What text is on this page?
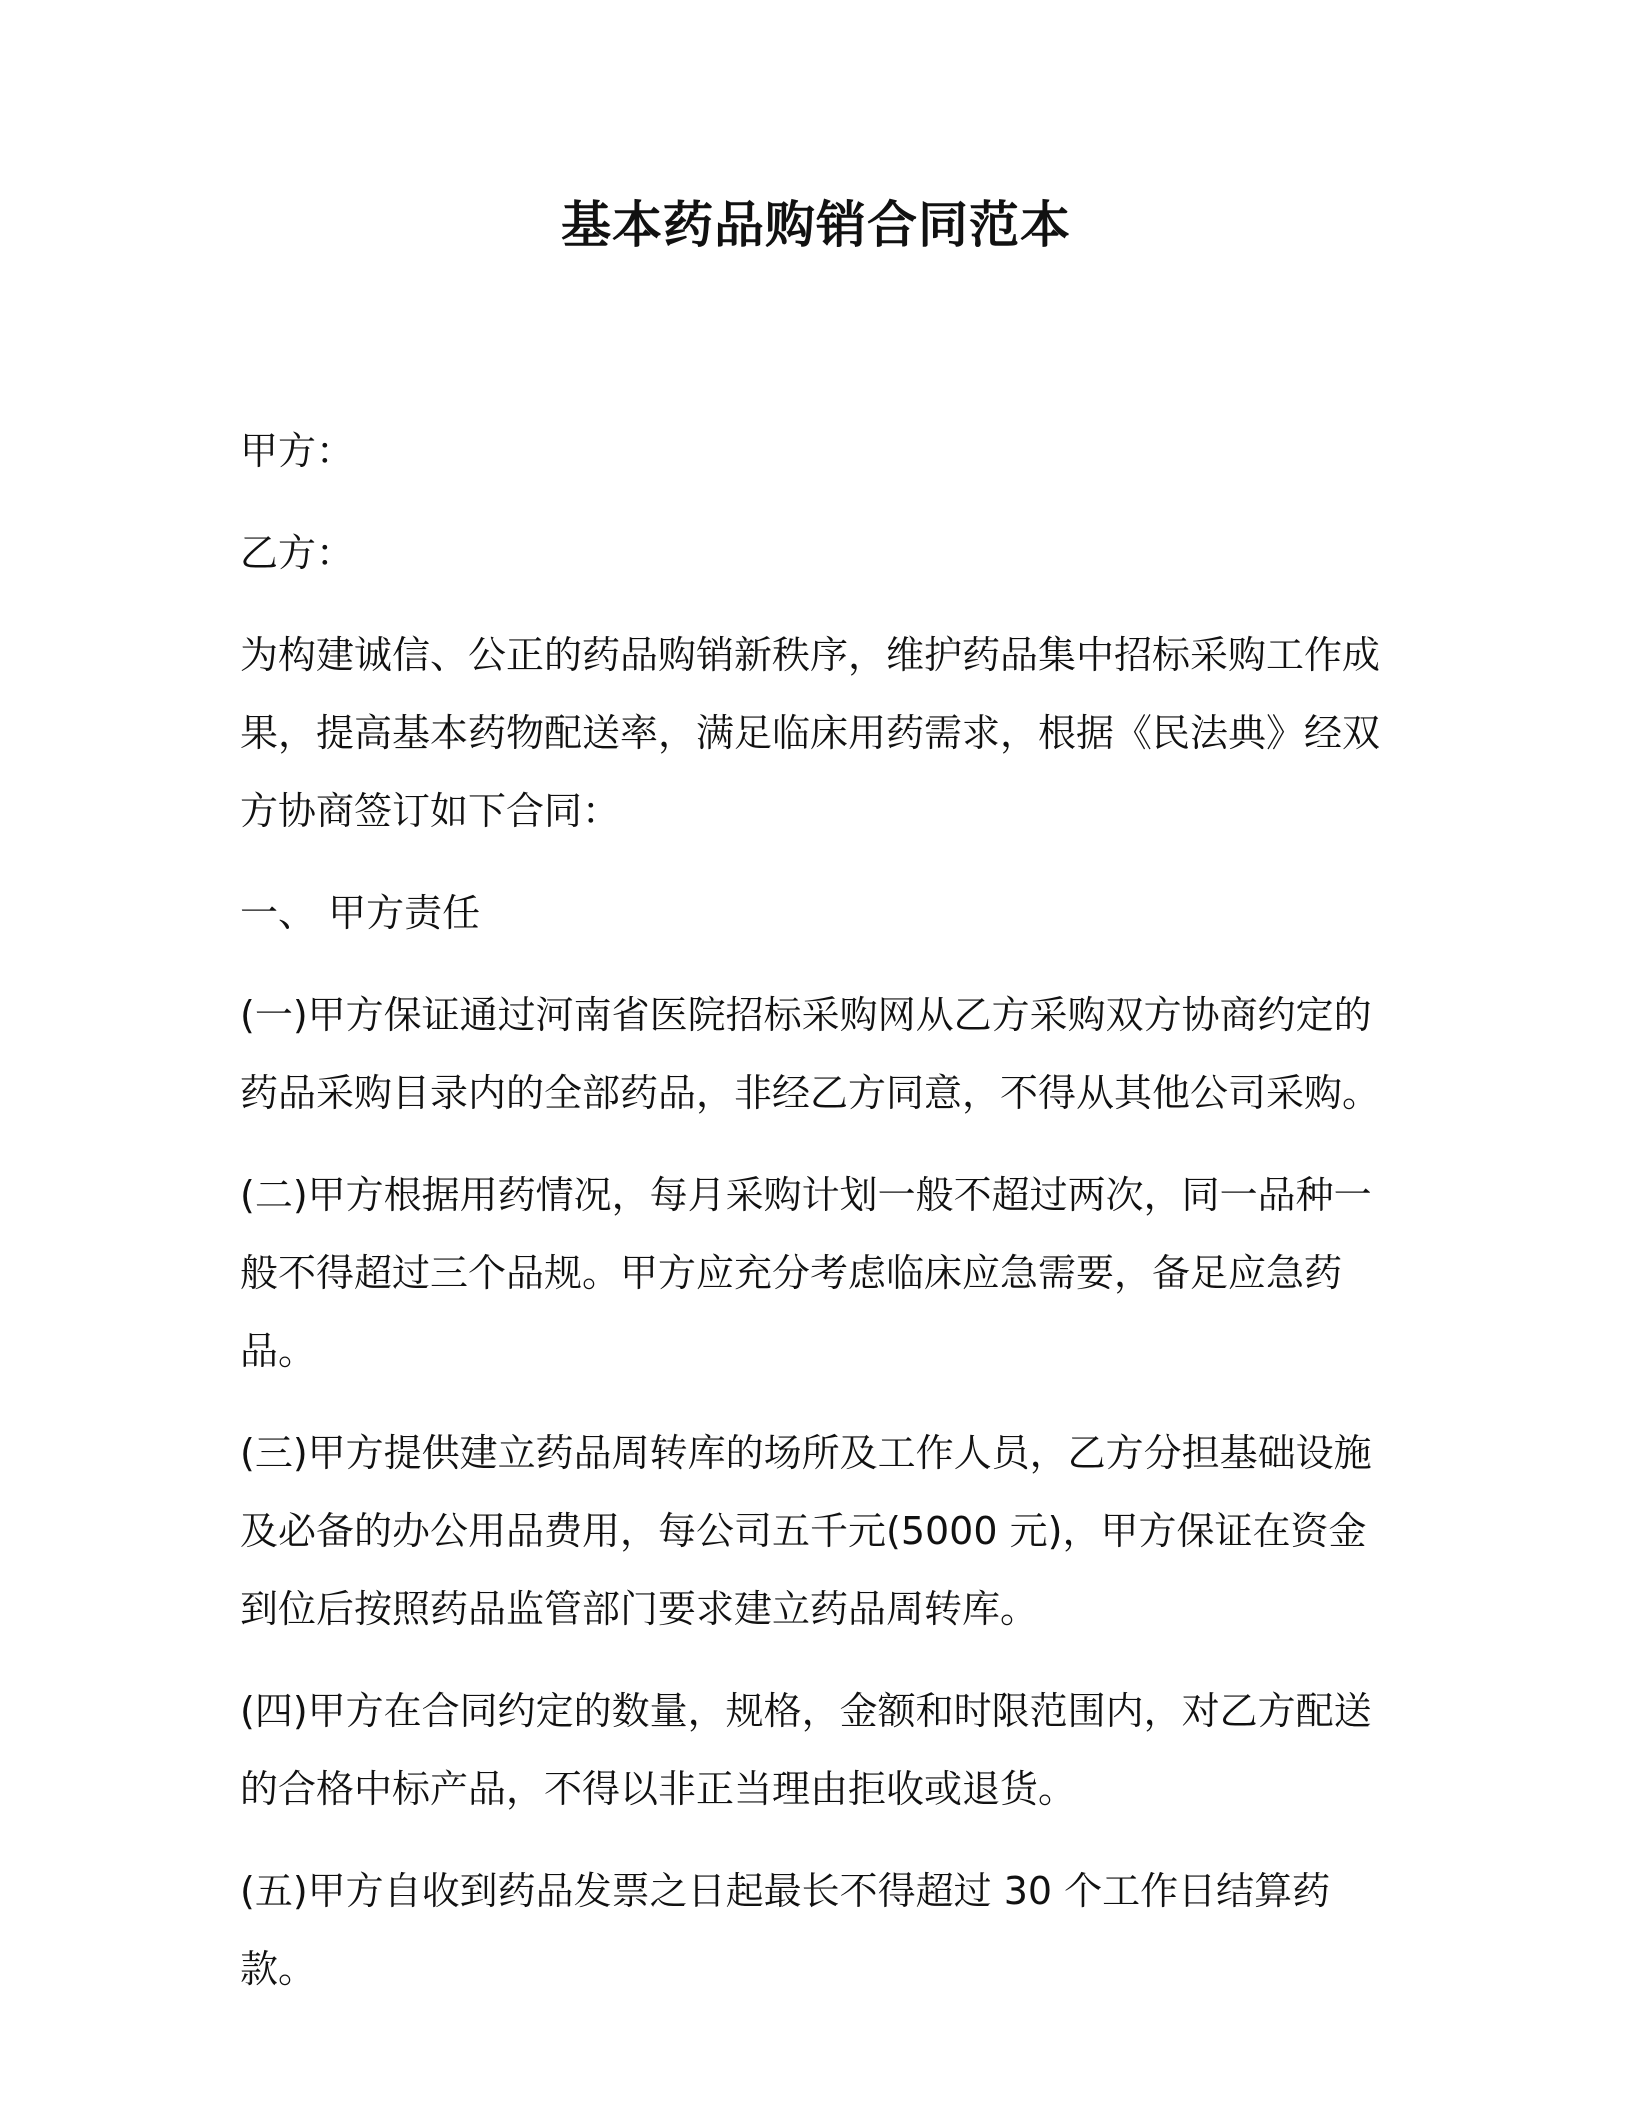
基本药品购销合同范本

甲方：

乙方：

为构建诚信、公正的药品购销新秩序，维护药品集中招标采购工作成果，提高基本药物配送率，满足临床用药需求，根据《民法典》经双方协商签订如下合同：

一、 甲方责任

(一)甲方保证通过河南省医院招标采购网从乙方采购双方协商约定的药品采购目录内的全部药品，非经乙方同意，不得从其他公司采购。

(二)甲方根据用药情况，每月采购计划一般不超过两次，同一品种一般不得超过三个品规。甲方应充分考虑临床应急需要，备足应急药品。

(三)甲方提供建立药品周转库的场所及工作人员，乙方分担基础设施及必备的办公用品费用，每公司五千元(5000 元)，甲方保证在资金到位后按照药品监管部门要求建立药品周转库。

(四)甲方在合同约定的数量，规格，金额和时限范围内，对乙方配送的合格中标产品，不得以非正当理由拒收或退货。

(五)甲方自收到药品发票之日起最长不得超过 30 个工作日结算药款。
